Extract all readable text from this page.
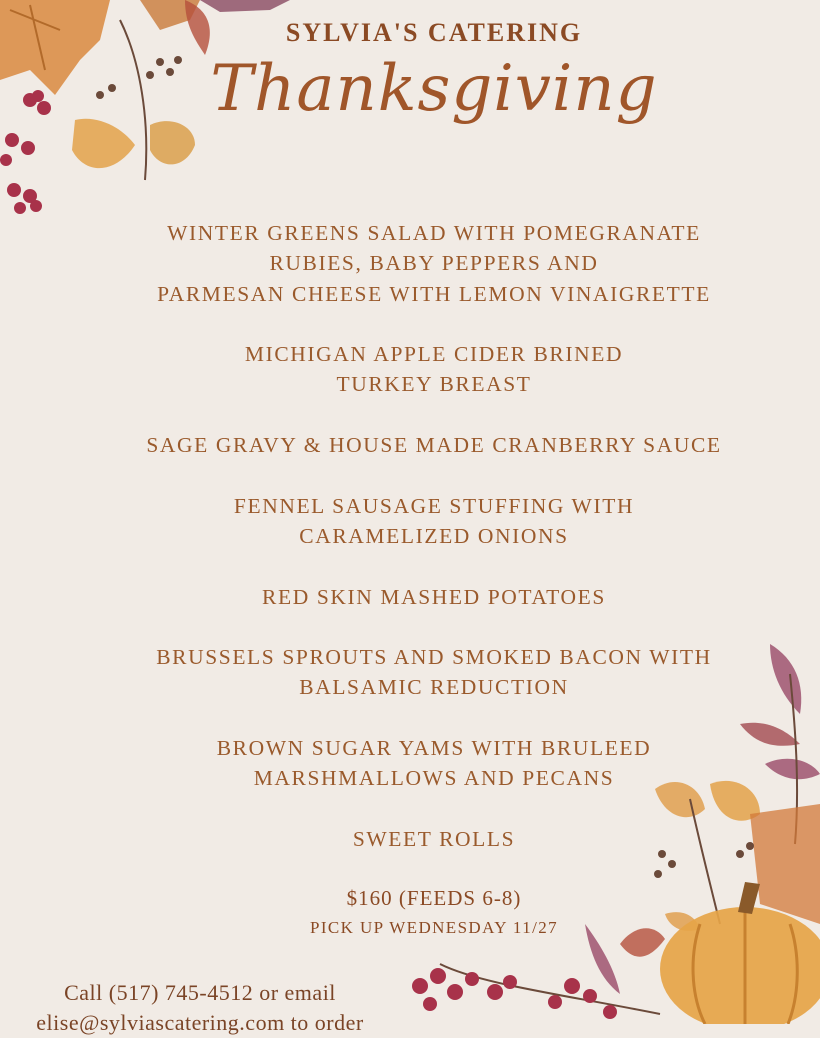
SYLVIA'S CATERING
Thanksgiving
WINTER GREENS SALAD WITH POMEGRANATE
RUBIES, BABY PEPPERS AND
PARMESAN CHEESE WITH LEMON VINAIGRETTE
MICHIGAN APPLE CIDER BRINED
TURKEY BREAST
SAGE GRAVY & HOUSE MADE CRANBERRY SAUCE
FENNEL SAUSAGE STUFFING WITH
CARAMELIZED ONIONS
RED SKIN MASHED POTATOES
BRUSSELS SPROUTS AND SMOKED BACON WITH
BALSAMIC REDUCTION
BROWN SUGAR YAMS WITH BRULEED
MARSHMALLOWS AND PECANS
SWEET ROLLS
$160 (FEEDS 6-8)
PICK UP WEDNESDAY 11/27
Call (517) 745-4512 or email
elise@sylviascatering.com to order
